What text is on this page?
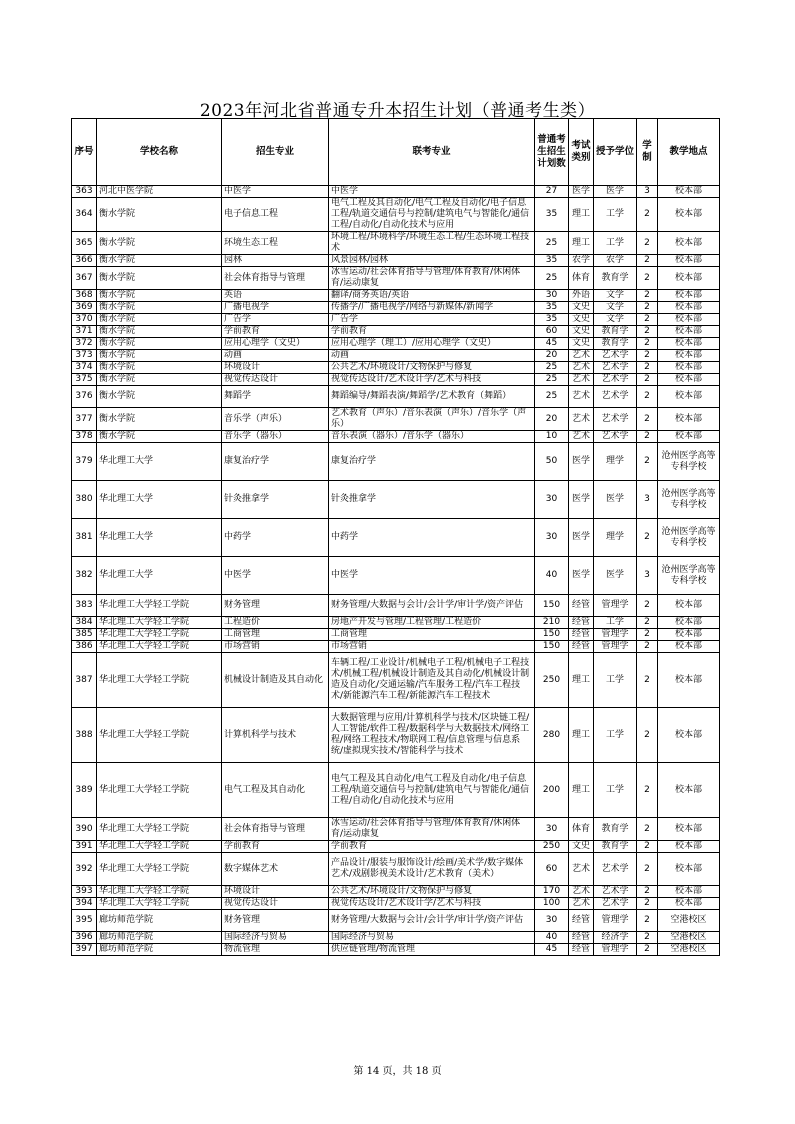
2023年河北省普通专升本招生计划（普通考生类）
序号	学校名称	招生专业	联考专业	普通考生招生计划数	考试类别	授予学位	学制	教学地点
363	河北中医学院	中医学	中医学	27	医学	医学	3	校本部
364	衡水学院	电子信息工程	电气工程及其自动化/电气工程及自动化/电子信息工程/轨道交通信号与控制/建筑电气与智能化/通信工程/自动化/自动化技术与应用	35	理工	工学	2	校本部
365	衡水学院	环境生态工程	环境工程/环境科学/环境生态工程/生态环境工程技术	25	理工	工学	2	校本部
366	衡水学院	园林	风景园林/园林	35	农学	农学	2	校本部
367	衡水学院	社会体育指导与管理	冰雪运动/社会体育指导与管理/体育教育/休闲体育/运动康复	25	体育	教育学	2	校本部
368	衡水学院	英语	翻译/商务英语/英语	30	外语	文学	2	校本部
369	衡水学院	广播电视学	传播学/广播电视学/网络与新媒体/新闻学	35	文史	文学	2	校本部
370	衡水学院	广告学	广告学	35	文史	文学	2	校本部
371	衡水学院	学前教育	学前教育	60	文史	教育学	2	校本部
372	衡水学院	应用心理学（文史）	应用心理学（理工）/应用心理学（文史）	45	文史	教育学	2	校本部
373	衡水学院	动画	动画	20	艺术	艺术学	2	校本部
374	衡水学院	环境设计	公共艺术/环境设计/文物保护与修复	25	艺术	艺术学	2	校本部
375	衡水学院	视觉传达设计	视觉传达设计/艺术设计学/艺术与科技	25	艺术	艺术学	2	校本部
376	衡水学院	舞蹈学	舞蹈编导/舞蹈表演/舞蹈学/艺术教育（舞蹈）	25	艺术	艺术学	2	校本部
377	衡水学院	音乐学（声乐）	艺术教育（声乐）/音乐表演（声乐）/音乐学（声乐）	20	艺术	艺术学	2	校本部
378	衡水学院	音乐学（器乐）	音乐表演（器乐）/音乐学（器乐）	10	艺术	艺术学	2	校本部
379	华北理工大学	康复治疗学	康复治疗学	50	医学	理学	2	沧州医学高等专科学校
380	华北理工大学	针灸推拿学	针灸推拿学	30	医学	医学	3	沧州医学高等专科学校
381	华北理工大学	中药学	中药学	30	医学	理学	2	沧州医学高等专科学校
382	华北理工大学	中医学	中医学	40	医学	医学	3	沧州医学高等专科学校
383	华北理工大学轻工学院	财务管理	财务管理/大数据与会计/会计学/审计学/资产评估	150	经管	管理学	2	校本部
384	华北理工大学轻工学院	工程造价	房地产开发与管理/工程管理/工程造价	210	经管	工学	2	校本部
385	华北理工大学轻工学院	工商管理	工商管理	150	经管	管理学	2	校本部
386	华北理工大学轻工学院	市场营销	市场营销	150	经管	管理学	2	校本部
387	华北理工大学轻工学院	机械设计制造及其自动化	车辆工程/工业设计/机械电子工程/机械电子工程技术/机械工程/机械设计制造及其自动化/机械设计制造及自动化/交通运输/汽车服务工程/汽车工程技术/新能源汽车工程/新能源汽车工程技术	250	理工	工学	2	校本部
388	华北理工大学轻工学院	计算机科学与技术	大数据管理与应用/计算机科学与技术/区块链工程/人工智能/软件工程/数据科学与大数据技术/网络工程/网络工程技术/物联网工程/信息管理与信息系统/虚拟现实技术/智能科学与技术	280	理工	工学	2	校本部
389	华北理工大学轻工学院	电气工程及其自动化	电气工程及其自动化/电气工程及自动化/电子信息工程/轨道交通信号与控制/建筑电气与智能化/通信工程/自动化/自动化技术与应用	200	理工	工学	2	校本部
390	华北理工大学轻工学院	社会体育指导与管理	冰雪运动/社会体育指导与管理/体育教育/休闲体育/运动康复	30	体育	教育学	2	校本部
391	华北理工大学轻工学院	学前教育	学前教育	250	文史	教育学	2	校本部
392	华北理工大学轻工学院	数字媒体艺术	产品设计/服装与服饰设计/绘画/美术学/数字媒体艺术/戏剧影视美术设计/艺术教育（美术）	60	艺术	艺术学	2	校本部
393	华北理工大学轻工学院	环境设计	公共艺术/环境设计/文物保护与修复	170	艺术	艺术学	2	校本部
394	华北理工大学轻工学院	视觉传达设计	视觉传达设计/艺术设计学/艺术与科技	100	艺术	艺术学	2	校本部
395	廊坊师范学院	财务管理	财务管理/大数据与会计/会计学/审计学/资产评估	30	经管	管理学	2	空港校区
396	廊坊师范学院	国际经济与贸易	国际经济与贸易	40	经管	经济学	2	空港校区
397	廊坊师范学院	物流管理	供应链管理/物流管理	45	经管	管理学	2	空港校区
第 14 页，共 18 页
